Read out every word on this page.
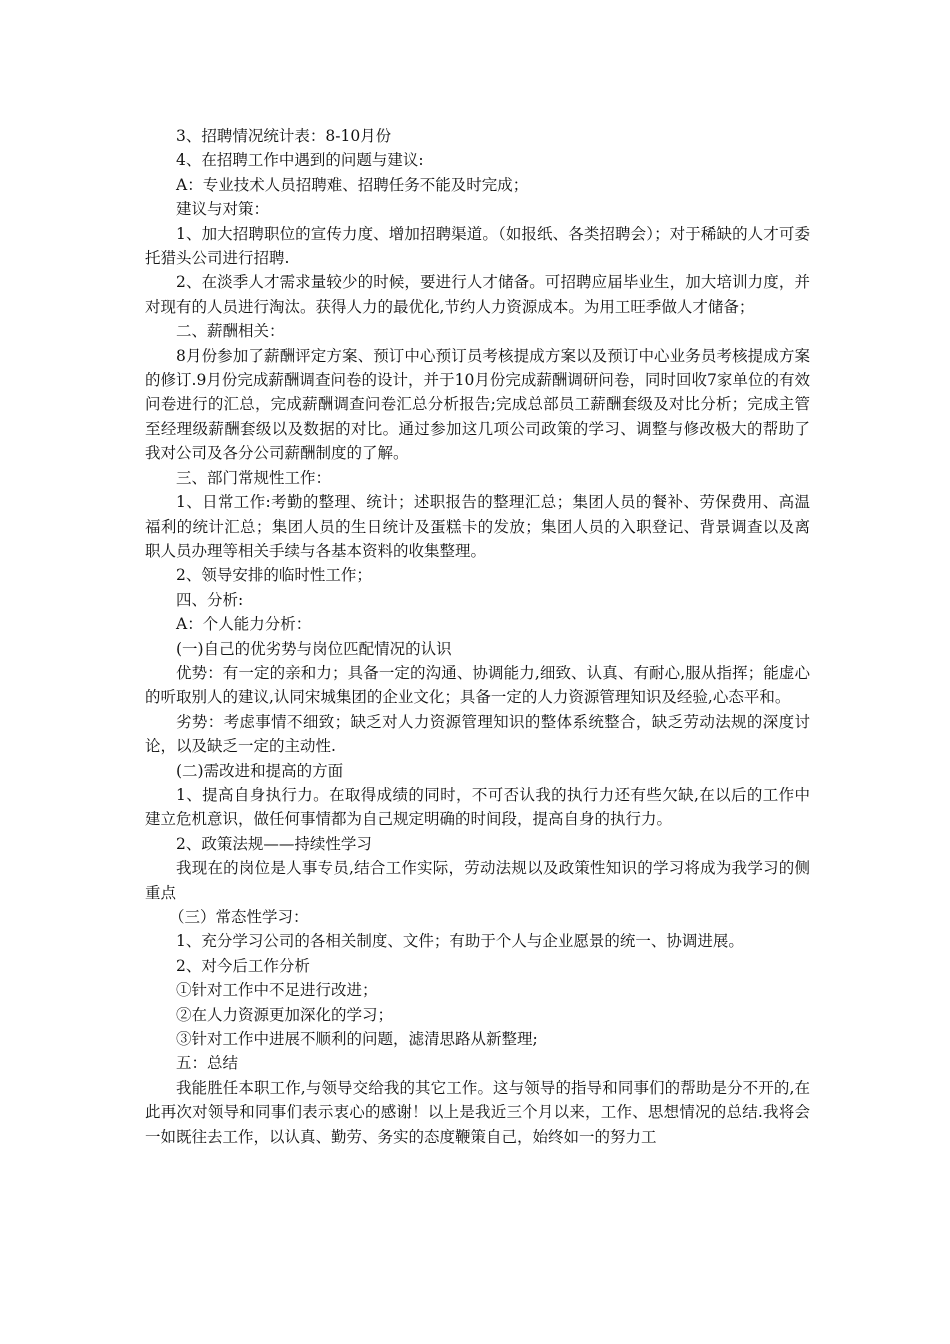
3、招聘情况统计表：8-10月份

4、在招聘工作中遇到的问题与建议:

A：专业技术人员招聘难、招聘任务不能及时完成；

建议与对策：

1、加大招聘职位的宣传力度、增加招聘渠道。（如报纸、各类招聘会）；对于稀缺的人才可委托猎头公司进行招聘.

2、在淡季人才需求量较少的时候，要进行人才储备。可招聘应届毕业生，加大培训力度，并对现有的人员进行淘汰。获得人力的最优化,节约人力资源成本。为用工旺季做人才储备；

二、薪酬相关：

8月份参加了薪酬评定方案、预订中心预订员考核提成方案以及预订中心业务员考核提成方案的修订.9月份完成薪酬调查问卷的设计，并于10月份完成薪酬调研问卷，同时回收7家单位的有效问卷进行的汇总，完成薪酬调查问卷汇总分析报告;完成总部员工薪酬套级及对比分析；完成主管至经理级薪酬套级以及数据的对比。通过参加这几项公司政策的学习、调整与修改极大的帮助了我对公司及各分公司薪酬制度的了解。

三、部门常规性工作：

1、日常工作:考勤的整理、统计；述职报告的整理汇总；集团人员的餐补、劳保费用、高温福利的统计汇总；集团人员的生日统计及蛋糕卡的发放；集团人员的入职登记、背景调查以及离职人员办理等相关手续与各基本资料的收集整理。

2、领导安排的临时性工作；

四、分析:

A：个人能力分析：

(一)自己的优劣势与岗位匹配情况的认识

优势：有一定的亲和力；具备一定的沟通、协调能力,细致、认真、有耐心,服从指挥；能虚心的听取别人的建议,认同宋城集团的企业文化；具备一定的人力资源管理知识及经验,心态平和。

劣势：考虑事情不细致；缺乏对人力资源管理知识的整体系统整合，缺乏劳动法规的深度讨论，以及缺乏一定的主动性.

(二)需改进和提高的方面

1、提高自身执行力。在取得成绩的同时，不可否认我的执行力还有些欠缺,在以后的工作中建立危机意识，做任何事情都为自己规定明确的时间段，提高自身的执行力。

2、政策法规——持续性学习

我现在的岗位是人事专员,结合工作实际，劳动法规以及政策性知识的学习将成为我学习的侧重点

（三）常态性学习：

1、充分学习公司的各相关制度、文件；有助于个人与企业愿景的统一、协调进展。

2、对今后工作分析

①针对工作中不足进行改进；

②在人力资源更加深化的学习；

③针对工作中进展不顺利的问题，滤清思路从新整理;

五：总结

我能胜任本职工作,与领导交给我的其它工作。这与领导的指导和同事们的帮助是分不开的,在此再次对领导和同事们表示衷心的感谢！以上是我近三个月以来，工作、思想情况的总结.我将会一如既往去工作，以认真、勤劳、务实的态度鞭策自己，始终如一的努力工
